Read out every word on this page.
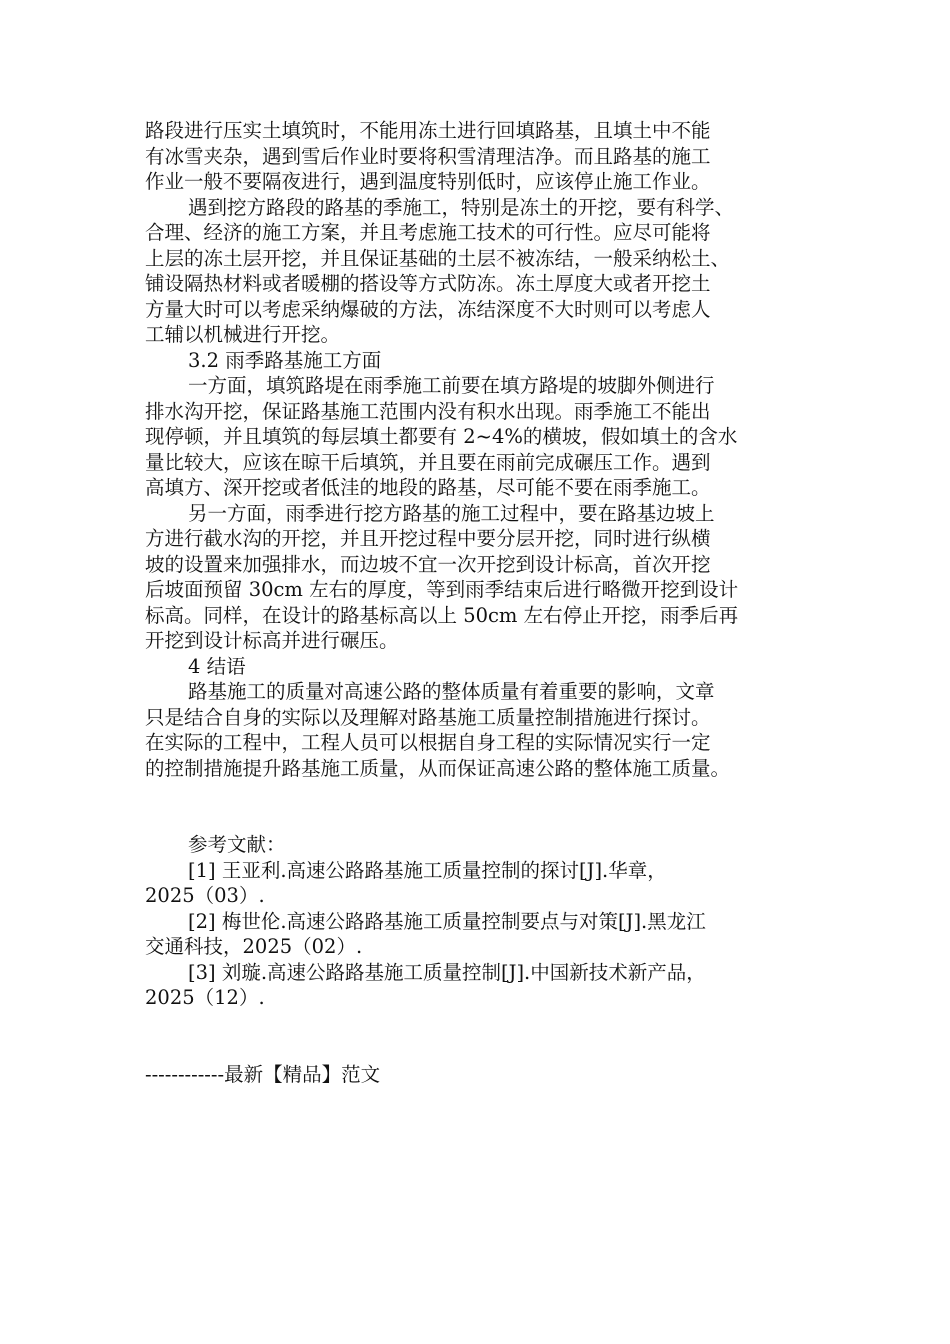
路段进行压实土填筑时，不能用冻土进行回填路基，且填土中不能
有冰雪夹杂，遇到雪后作业时要将积雪清理洁净。而且路基的施工
作业一般不要隔夜进行，遇到温度特别低时，应该停止施工作业。
遇到挖方路段的路基的季施工，特别是冻土的开挖，要有科学、
合理、经济的施工方案，并且考虑施工技术的可行性。应尽可能将
上层的冻土层开挖，并且保证基础的土层不被冻结，一般采纳松土、
铺设隔热材料或者暖棚的搭设等方式防冻。冻土厚度大或者开挖土
方量大时可以考虑采纳爆破的方法，冻结深度不大时则可以考虑人
工辅以机械进行开挖。
3.2 雨季路基施工方面
一方面，填筑路堤在雨季施工前要在填方路堤的坡脚外侧进行
排水沟开挖，保证路基施工范围内没有积水出现。雨季施工不能出
现停顿，并且填筑的每层填土都要有 2~4%的横坡，假如填土的含水
量比较大，应该在晾干后填筑，并且要在雨前完成碾压工作。遇到
高填方、深开挖或者低洼的地段的路基，尽可能不要在雨季施工。
另一方面，雨季进行挖方路基的施工过程中，要在路基边坡上
方进行截水沟的开挖，并且开挖过程中要分层开挖，同时进行纵横
坡的设置来加强排水，而边坡不宜一次开挖到设计标高，首次开挖
后坡面预留 30cm 左右的厚度，等到雨季结束后进行略微开挖到设计
标高。同样，在设计的路基标高以上 50cm 左右停止开挖，雨季后再
开挖到设计标高并进行碾压。
4 结语
路基施工的质量对高速公路的整体质量有着重要的影响，文章
只是结合自身的实际以及理解对路基施工质量控制措施进行探讨。
在实际的工程中，工程人员可以根据自身工程的实际情况实行一定
的控制措施提升路基施工质量，从而保证高速公路的整体施工质量。
参考文献：
[1] 王亚利.高速公路路基施工质量控制的探讨[J].华章，
2025（03）.
[2] 梅世伦.高速公路路基施工质量控制要点与对策[J].黑龙江
交通科技，2025（02）.
[3] 刘璇.高速公路路基施工质量控制[J].中国新技术新产品，
2025（12）.
------------最新【精品】范文
